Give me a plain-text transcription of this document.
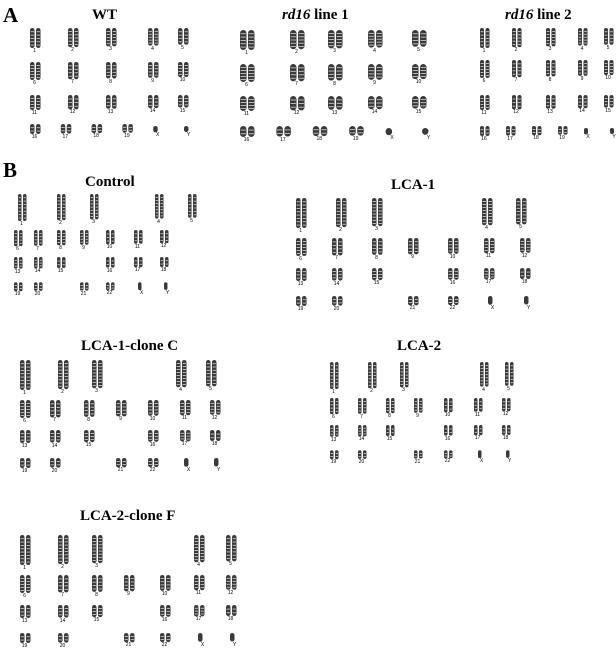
A
B
WT	rd16 line 1	rd16 line 2
Control	LCA-1
LCA-1-clone C	LCA-2
LCA-2-clone F
1	2	3	4	5
6	7	8	9	10
11	12	13	14	15
16	17	18	19	X	Y
1	2	3	4	5
6	7	8	9	10
11	12	13	14	15
16	17	18	19	X	Y
1	2	3	4	5
6	7	8	9	10
11	12	13	14	15
16	17	18	19	X	Y
1	2	3	4	5
6	7	8	9	10	11	12
13	14	15	16	17	18
19	20	21	22	X	Y
1	2	3	4	5
6	7	8	9	10	11	12
13	14	15	16	17	18
19	20	21	22	X	Y
1	2	3	4	5
6	7	8	9	10	11	12
13	14	15	16	17	18
19	20	21	22	X	Y
1	2	3	4	5
6	7	8	9	10	11	12
13	14	15	16	17	18
19	20	21	22	X	Y
1	2	3	4	5
6	7	8	9	10	11	12
13	14	15	16	17	18
19	20	21	22	X	Y
